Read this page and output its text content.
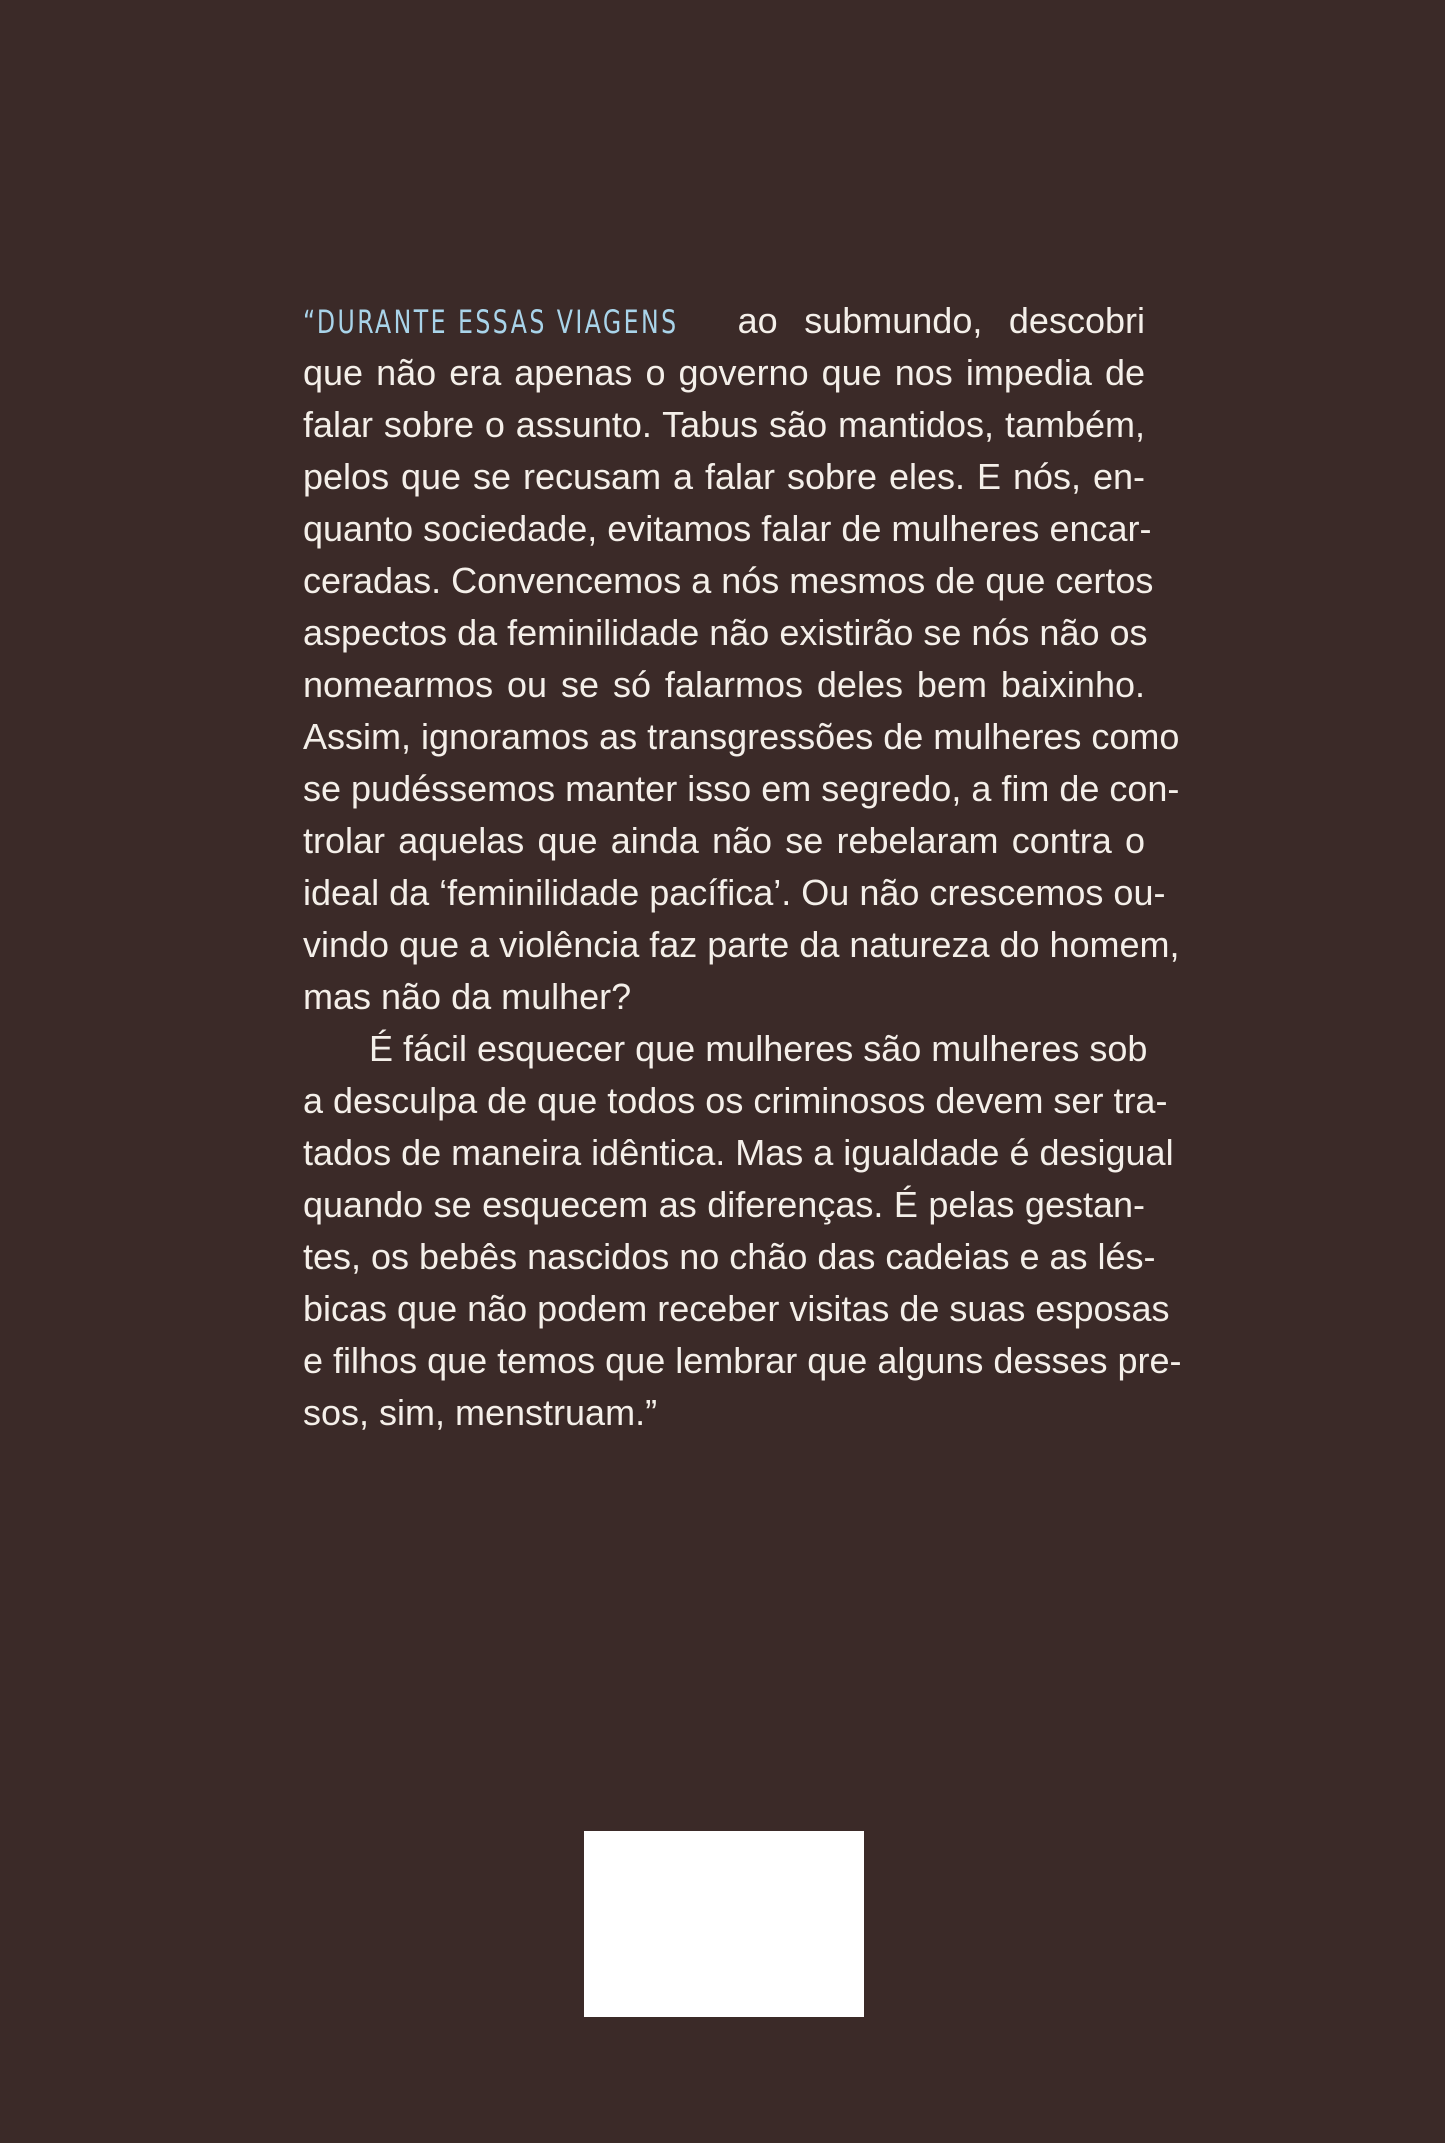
“DURANTE ESSAS VIAGENS ao submundo, descobri
que não era apenas o governo que nos impedia de
falar sobre o assunto. Tabus são mantidos, também,
pelos que se recusam a falar sobre eles. E nós, en-
quanto sociedade, evitamos falar de mulheres encar-
ceradas. Convencemos a nós mesmos de que certos
aspectos da feminilidade não existirão se nós não os
nomearmos ou se só falarmos deles bem baixinho.
Assim, ignoramos as transgressões de mulheres como
se pudéssemos manter isso em segredo, a fim de con-
trolar aquelas que ainda não se rebelaram contra o
ideal da ‘feminilidade pacífica’. Ou não crescemos ou-
vindo que a violência faz parte da natureza do homem,
mas não da mulher?
É fácil esquecer que mulheres são mulheres sob
a desculpa de que todos os criminosos devem ser tra-
tados de maneira idêntica. Mas a igualdade é desigual
quando se esquecem as diferenças. É pelas gestan-
tes, os bebês nascidos no chão das cadeias e as lés-
bicas que não podem receber visitas de suas esposas
e filhos que temos que lembrar que alguns desses pre-
sos, sim, menstruam.”
